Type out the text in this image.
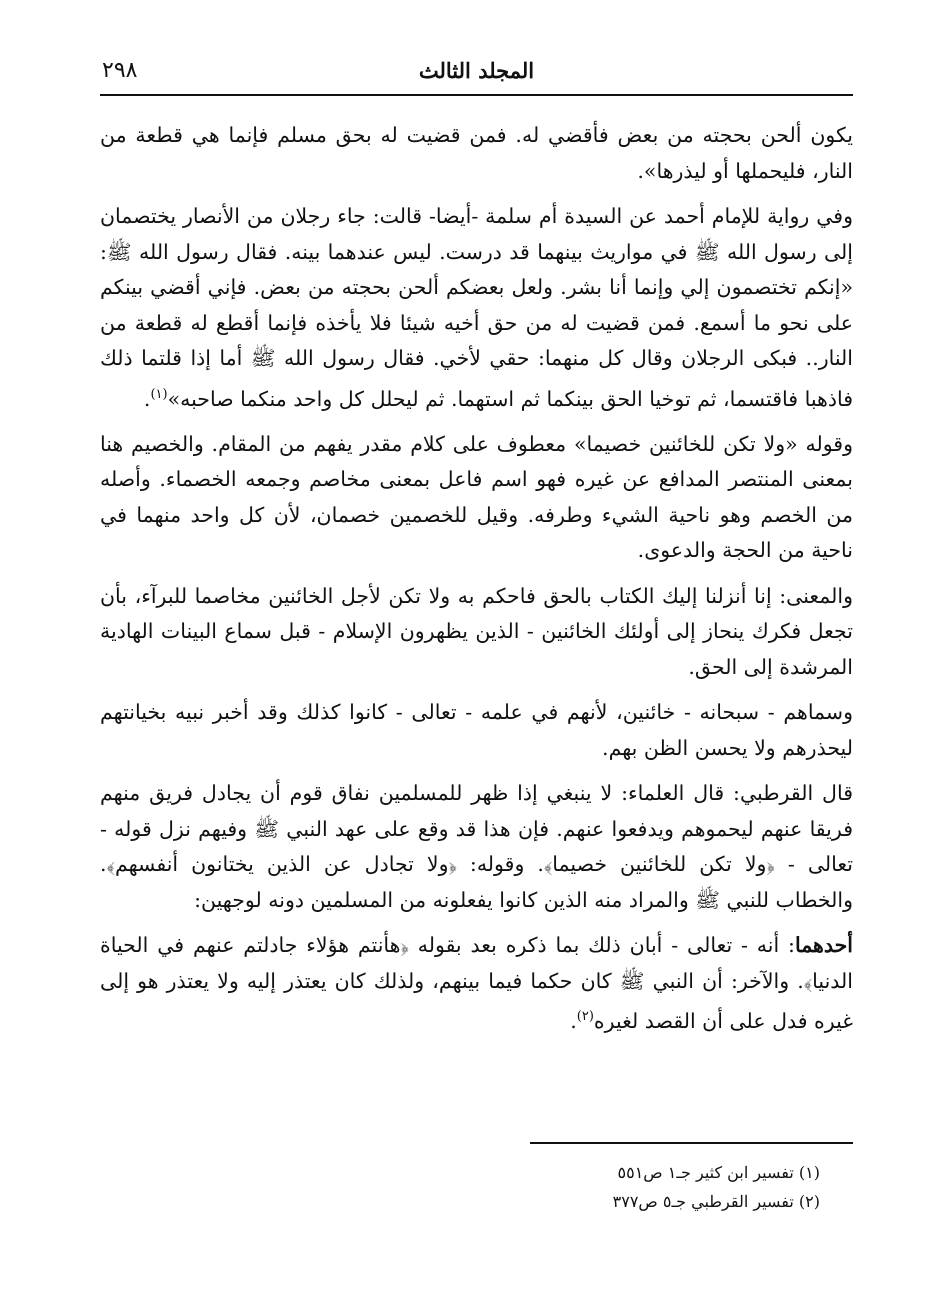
٢٩٨	المجلد الثالث

يكون ألحن بحجته من بعض فأقضي له. فمن قضيت له بحق مسلم فإنما هي قطعة من النار، فليحملها أو ليذرها».

وفي رواية للإمام أحمد عن السيدة أم سلمة -أيضا- قالت: جاء رجلان من الأنصار يختصمان إلى رسول الله ﷺ في مواريث بينهما قد درست. ليس عندهما بينه. فقال رسول الله ﷺ: «إنكم تختصمون إلي وإنما أنا بشر. ولعل بعضكم ألحن بحجته من بعض. فإني أقضي بينكم على نحو ما أسمع. فمن قضيت له من حق أخيه شيئا فلا يأخذه فإنما أقطع له قطعة من النار.. فبكى الرجلان وقال كل منهما: حقي لأخي. فقال رسول الله ﷺ أما إذا قلتما ذلك فاذهبا فاقتسما، ثم توخيا الحق بينكما ثم استهما. ثم ليحلل كل واحد منكما صاحبه»$^{(١)}$.

وقوله «ولا تكن للخائنين خصيما» معطوف على كلام مقدر يفهم من المقام. والخصيم هنا بمعنى المنتصر المدافع عن غيره فهو اسم فاعل بمعنى مخاصم وجمعه الخصماء. وأصله من الخصم وهو ناحية الشيء وطرفه. وقيل للخصمين خصمان، لأن كل واحد منهما في ناحية من الحجة والدعوى.

والمعنى: إنا أنزلنا إليك الكتاب بالحق فاحكم به ولا تكن لأجل الخائنين مخاصما للبرآء، بأن تجعل فكرك ينحاز إلى أولئك الخائنين - الذين يظهرون الإسلام - قبل سماع البينات الهادية المرشدة إلى الحق.

وسماهم - سبحانه - خائنين، لأنهم في علمه - تعالى - كانوا كذلك وقد أخبر نبيه بخيانتهم ليحذرهم ولا يحسن الظن بهم.

قال القرطبي: قال العلماء: لا ينبغي إذا ظهر للمسلمين نفاق قوم أن يجادل فريق منهم فريقا عنهم ليحموهم ويدفعوا عنهم. فإن هذا قد وقع على عهد النبي ﷺ وفيهم نزل قوله - تعالى - ﴿ولا تكن للخائنين خصيما﴾. وقوله: ﴿ولا تجادل عن الذين يختانون أنفسهم﴾. والخطاب للنبي ﷺ والمراد منه الذين كانوا يفعلونه من المسلمين دونه لوجهين:

أحدهما: أنه - تعالى - أبان ذلك بما ذكره بعد بقوله ﴿هأنتم هؤلاء جادلتم عنهم في الحياة الدنيا﴾. والآخر: أن النبي ﷺ كان حكما فيما بينهم، ولذلك كان يعتذر إليه ولا يعتذر هو إلى غيره فدل على أن القصد لغيره$^{(٢)}$.

(١) تفسير ابن كثير جـ١ ص٥٥١
(٢) تفسير القرطبي جـ٥ ص٣٧٧
